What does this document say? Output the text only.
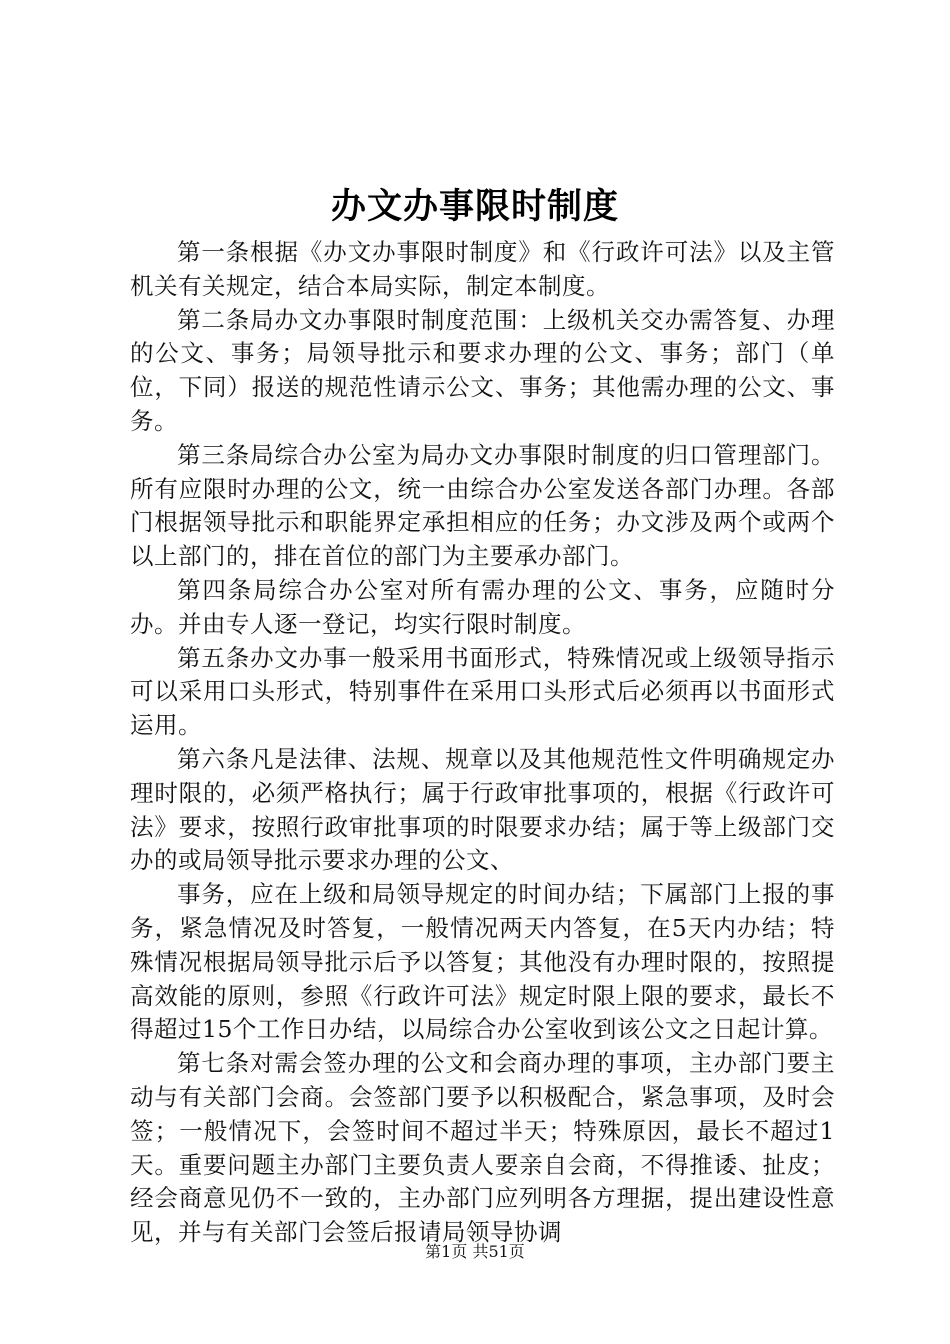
办文办事限时制度

第一条根据《办文办事限时制度》和《行政许可法》以及主管机关有关规定，结合本局实际，制定本制度。

第二条局办文办事限时制度范围：上级机关交办需答复、办理的公文、事务；局领导批示和要求办理的公文、事务；部门（单位，下同）报送的规范性请示公文、事务；其他需办理的公文、事务。

第三条局综合办公室为局办文办事限时制度的归口管理部门。所有应限时办理的公文，统一由综合办公室发送各部门办理。各部门根据领导批示和职能界定承担相应的任务；办文涉及两个或两个以上部门的，排在首位的部门为主要承办部门。

第四条局综合办公室对所有需办理的公文、事务，应随时分办。并由专人逐一登记，均实行限时制度。

第五条办文办事一般采用书面形式，特殊情况或上级领导指示可以采用口头形式，特别事件在采用口头形式后必须再以书面形式运用。

第六条凡是法律、法规、规章以及其他规范性文件明确规定办理时限的，必须严格执行；属于行政审批事项的，根据《行政许可法》要求，按照行政审批事项的时限要求办结；属于等上级部门交办的或局领导批示要求办理的公文、

事务，应在上级和局领导规定的时间办结；下属部门上报的事务，紧急情况及时答复，一般情况两天内答复，在5天内办结；特殊情况根据局领导批示后予以答复；其他没有办理时限的，按照提高效能的原则，参照《行政许可法》规定时限上限的要求，最长不得超过15个工作日办结，以局综合办公室收到该公文之日起计算。

第七条对需会签办理的公文和会商办理的事项，主办部门要主动与有关部门会商。会签部门要予以积极配合，紧急事项，及时会签；一般情况下，会签时间不超过半天；特殊原因，最长不超过1天。重要问题主办部门主要负责人要亲自会商，不得推诿、扯皮；经会商意见仍不一致的，主办部门应列明各方理据，提出建设性意见，并与有关部门会签后报请局领导协调

第1页 共51页
